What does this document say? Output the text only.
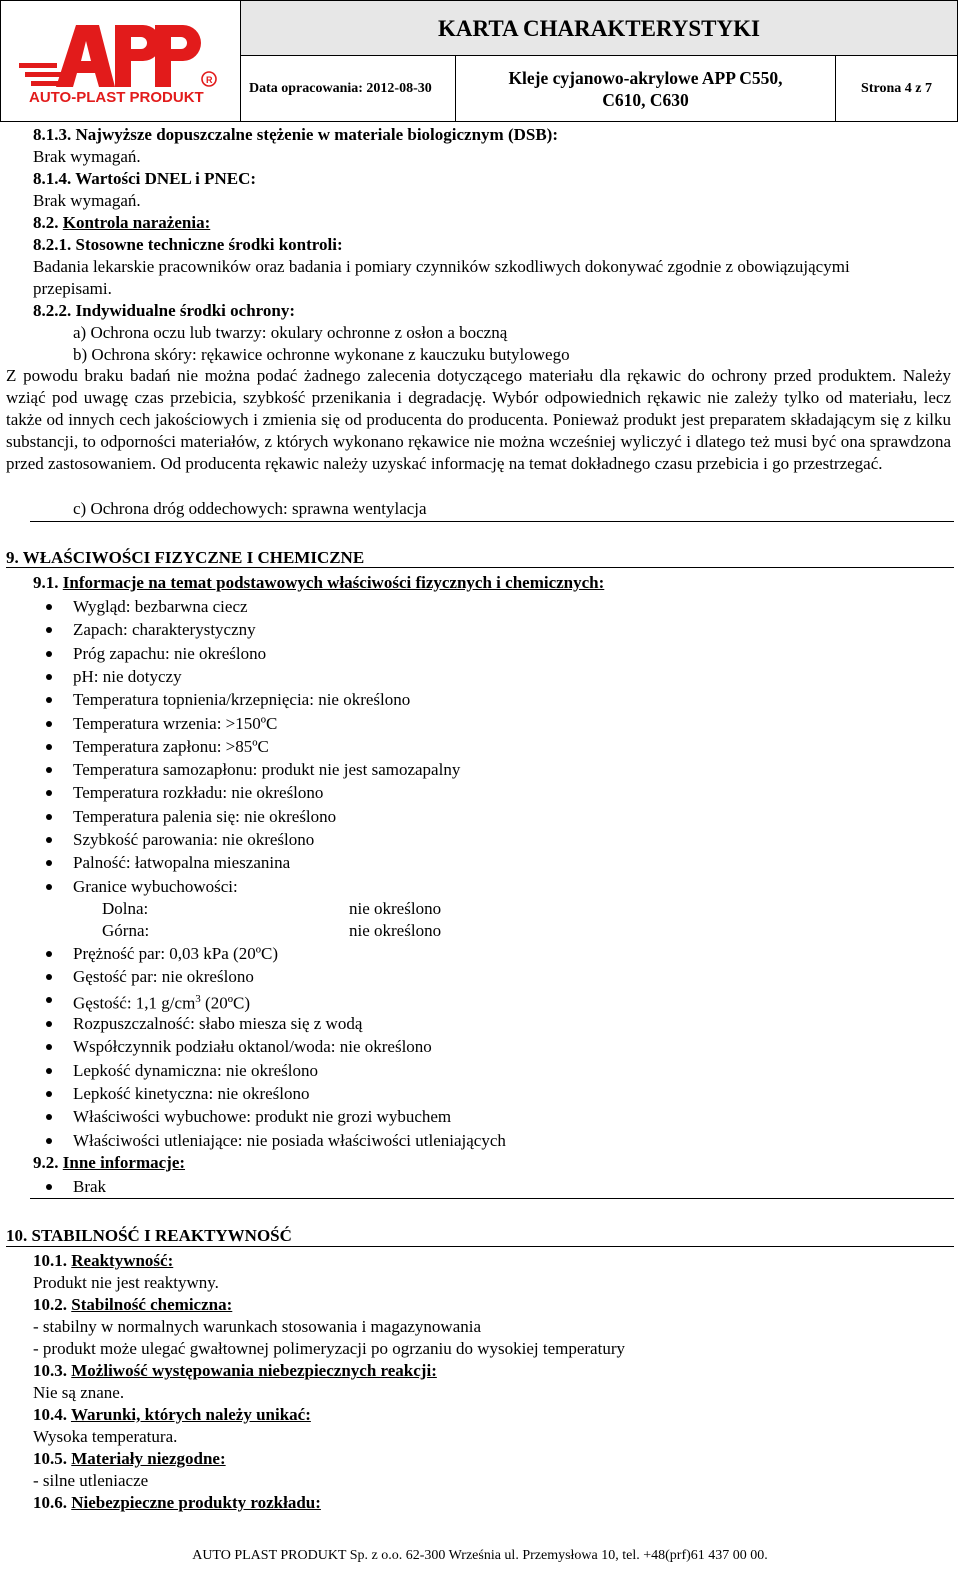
R
AUTO-PLAST PRODUKT
KARTA CHARAKTERYSTYKI
Data opracowania: 2012-08-30
Kleje cyjanowo-akrylowe APP C550,
C610, C630
Strona 4 z 7
8.1.3. Najwyższe dopuszczalne stężenie w materiale biologicznym (DSB):
Brak wymagań.
8.1.4. Wartości DNEL i PNEC:
Brak wymagań.
8.2. Kontrola narażenia:
8.2.1. Stosowne techniczne środki kontroli:
Badania lekarskie pracowników oraz badania i pomiary czynników szkodliwych dokonywać zgodnie z obowiązującymi
przepisami.
8.2.2. Indywidualne środki ochrony:
a) Ochrona oczu lub twarzy: okulary ochronne z osłon a boczną
b) Ochrona skóry: rękawice ochronne wykonane z kauczuku butylowego
Z powodu braku badań nie można podać żadnego zalecenia dotyczącego materiału dla rękawic do ochrony przed produktem. Należy wziąć pod uwagę czas przebicia, szybkość przenikania i degradację. Wybór odpowiednich rękawic nie zależy tylko od materiału, lecz także od innych cech jakościowych i zmienia się od producenta do producenta. Ponieważ produkt jest preparatem składającym się z kilku substancji, to odporności materiałów, z których wykonano rękawice nie można wcześniej wyliczyć i dlatego też musi być ona sprawdzona przed zastosowaniem. Od producenta rękawic należy uzyskać informację na temat dokładnego czasu przebicia i go przestrzegać.
c) Ochrona dróg oddechowych: sprawna wentylacja
9. WŁAŚCIWOŚCI FIZYCZNE I CHEMICZNE
9.1. Informacje na temat podstawowych właściwości fizycznych i chemicznych:
Wygląd: bezbarwna ciecz
Zapach: charakterystyczny
Próg zapachu: nie określono
pH: nie dotyczy
Temperatura topnienia/krzepnięcia: nie określono
Temperatura wrzenia: >150ºC
Temperatura zapłonu: >85ºC
Temperatura samozapłonu: produkt nie jest samozapalny
Temperatura rozkładu: nie określono
Temperatura palenia się: nie określono
Szybkość parowania: nie określono
Palność: łatwopalna mieszanina
Granice wybuchowości:
Dolna:	nie określono
Górna:	nie określono
Prężność par: 0,03 kPa (20ºC)
Gęstość par: nie określono
Gęstość: 1,1 $g/cm^3$ (20ºC)
Rozpuszczalność: słabo miesza się z wodą
Współczynnik podziału oktanol/woda: nie określono
Lepkość dynamiczna: nie określono
Lepkość kinetyczna: nie określono
Właściwości wybuchowe: produkt nie grozi wybuchem
Właściwości utleniające: nie posiada właściwości utleniających
9.2. Inne informacje:
Brak
10. STABILNOŚĆ I REAKTYWNOŚĆ
10.1. Reaktywność:
Produkt nie jest reaktywny.
10.2. Stabilność chemiczna:
- stabilny w normalnych warunkach stosowania i magazynowania
- produkt może ulegać gwałtownej polimeryzacji po ogrzaniu do wysokiej temperatury
10.3. Możliwość występowania niebezpiecznych reakcji:
Nie są znane.
10.4. Warunki, których należy unikać:
Wysoka temperatura.
10.5. Materiały niezgodne:
- silne utleniacze
10.6. Niebezpieczne produkty rozkładu:
AUTO PLAST PRODUKT Sp. z o.o. 62-300 Września ul. Przemysłowa 10, tel. +48(prf)61 437 00 00.
